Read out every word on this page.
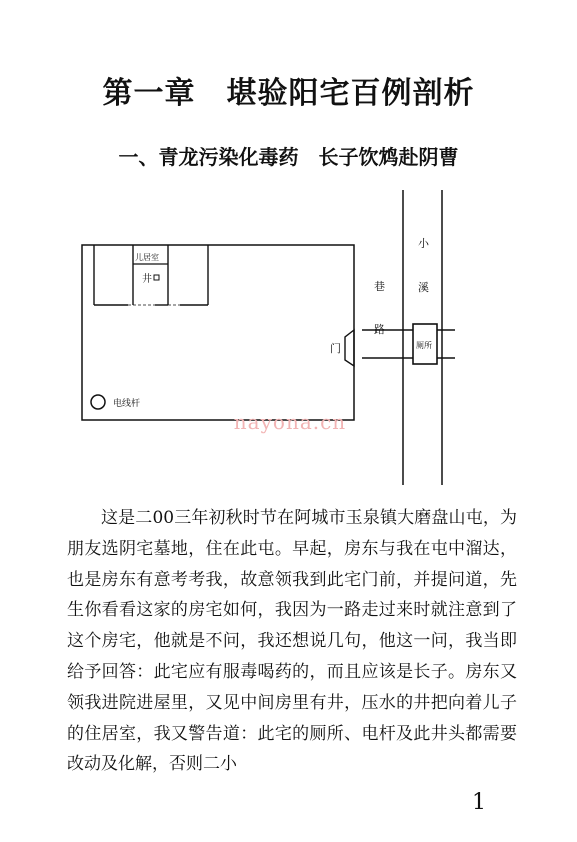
第一章　堪验阳宅百例剖析
一、青龙污染化毒药　长子饮鸩赴阴曹
儿居室
井
门
电线杆
小 溪
巷 路
厕所
nayona.cn

这是二00三年初秋时节在阿城市玉泉镇大磨盘山屯，为朋友选阴宅墓地，住在此屯。早起，房东与我在屯中溜达，也是房东有意考考我，故意领我到此宅门前，并提问道，先生你看看这家的房宅如何，我因为一路走过来时就注意到了这个房宅，他就是不问，我还想说几句，他这一问，我当即给予回答：此宅应有服毒喝药的，而且应该是长子。房东又领我进院进屋里，又见中间房里有井，压水的井把向着儿子的住居室，我又警告道：此宅的厕所、电杆及此井头都需要改动及化解，否则二小

1
